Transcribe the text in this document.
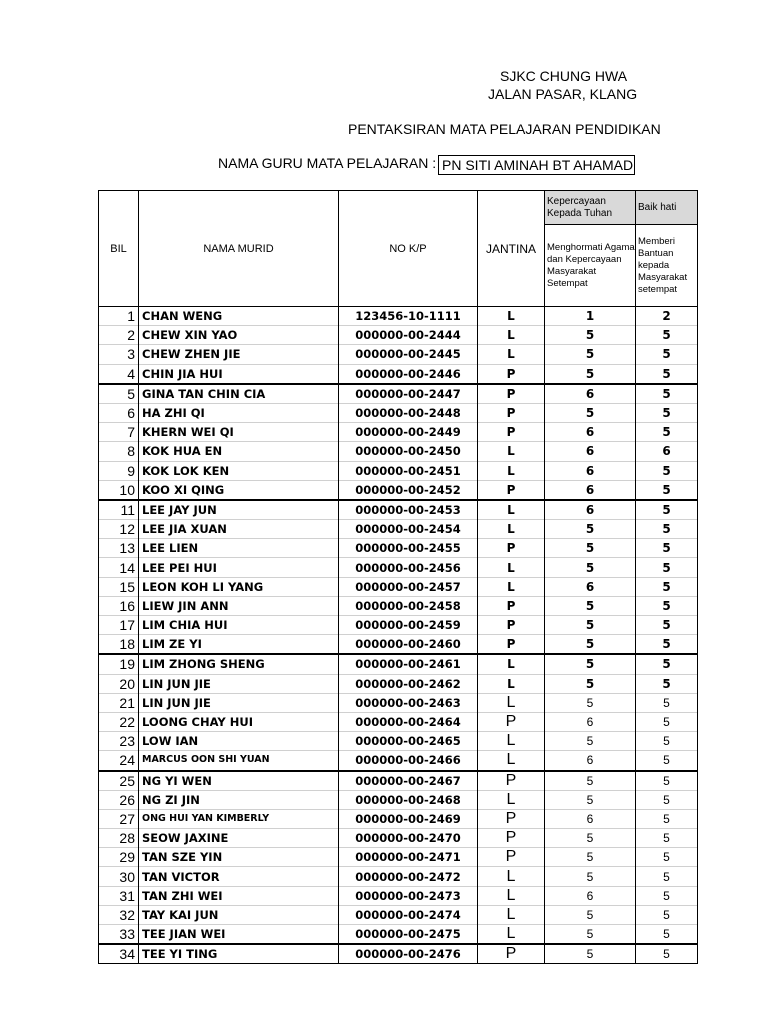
SJKC CHUNG HWA
JALAN PASAR, KLANG
PENTAKSIRAN MATA PELAJARAN PENDIDIKAN
NAMA GURU MATA PELAJARAN : PN SITI AMINAH BT AHAMAD
BIL	NAMA MURID	NO K/P	JANTINA	Kepercayaan Kepada Tuhan	Baik hati
				Menghormati Agama dan Kepercayaan Masyarakat Setempat	Memberi Bantuan kepada Masyarakat setempat
1	CHAN WENG	123456-10-1111	L	1	2
2	CHEW XIN YAO	000000-00-2444	L	5	5
3	CHEW ZHEN JIE	000000-00-2445	L	5	5
4	CHIN JIA HUI	000000-00-2446	P	5	5
5	GINA TAN CHIN CIA	000000-00-2447	P	6	5
6	HA ZHI QI	000000-00-2448	P	5	5
7	KHERN WEI QI	000000-00-2449	P	6	5
8	KOK HUA EN	000000-00-2450	L	6	6
9	KOK LOK KEN	000000-00-2451	L	6	5
10	KOO XI QING	000000-00-2452	P	6	5
11	LEE JAY JUN	000000-00-2453	L	6	5
12	LEE JIA XUAN	000000-00-2454	L	5	5
13	LEE LIEN	000000-00-2455	P	5	5
14	LEE PEI HUI	000000-00-2456	L	5	5
15	LEON KOH LI YANG	000000-00-2457	L	6	5
16	LIEW JIN ANN	000000-00-2458	P	5	5
17	LIM CHIA HUI	000000-00-2459	P	5	5
18	LIM ZE YI	000000-00-2460	P	5	5
19	LIM ZHONG SHENG	000000-00-2461	L	5	5
20	LIN JUN JIE	000000-00-2462	L	5	5
21	LIN JUN JIE	000000-00-2463	L	5	5
22	LOONG CHAY HUI	000000-00-2464	P	6	5
23	LOW IAN	000000-00-2465	L	5	5
24	MARCUS OON SHI YUAN	000000-00-2466	L	6	5
25	NG YI WEN	000000-00-2467	P	5	5
26	NG ZI JIN	000000-00-2468	L	5	5
27	ONG HUI YAN KIMBERLY	000000-00-2469	P	6	5
28	SEOW JAXINE	000000-00-2470	P	5	5
29	TAN SZE YIN	000000-00-2471	P	5	5
30	TAN VICTOR	000000-00-2472	L	5	5
31	TAN ZHI WEI	000000-00-2473	L	6	5
32	TAY KAI JUN	000000-00-2474	L	5	5
33	TEE JIAN WEI	000000-00-2475	L	5	5
34	TEE YI TING	000000-00-2476	P	5	5
